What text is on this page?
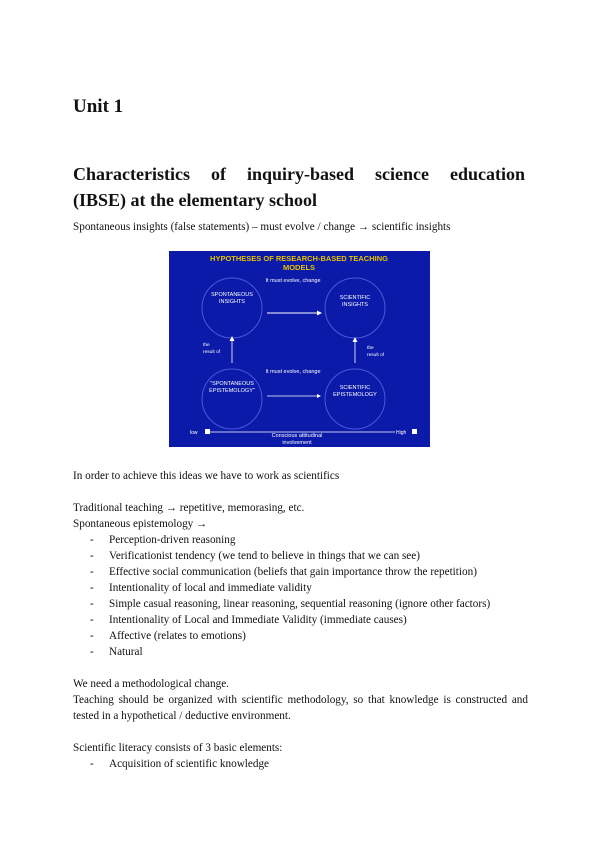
Unit 1
Characteristics of inquiry-based science education
(IBSE) at the elementary school
Spontaneous insights (false statements) – must evolve / change → scientific insights
HYPOTHESES OF RESEARCH-BASED TEACHING
MODELS
SPONTANEOUS
INSIGHTS
SCIENTIFIC
INSIGHTS
"SPONTANEOUS
EPISTEMOLOGY"	SCIENTIFIC
EPISTEMOLOGY
It must evolve, change
It must evolve, change
the
result of
the
result of
low	High
Conscious attitudinal
involvement
In order to achieve this ideas we have to work as scientifics
Traditional teaching → repetitive, memorasing, etc.
Spontaneous epistemology →
- Perception-driven reasoning
- Verificationist tendency (we tend to believe in things that we can see)
- Effective social communication (beliefs that gain importance throw the repetition)
- Intentionality of local and immediate validity
- Simple casual reasoning, linear reasoning, sequential reasoning (ignore other factors)
- Intentionality of Local and Immediate Validity (immediate causes)
- Affective (relates to emotions)
- Natural
We need a methodological change.
Teaching should be organized with scientific methodology, so that knowledge is constructed and tested in a hypothetical / deductive environment.
Scientific literacy consists of 3 basic elements:
- Acquisition of scientific knowledge
